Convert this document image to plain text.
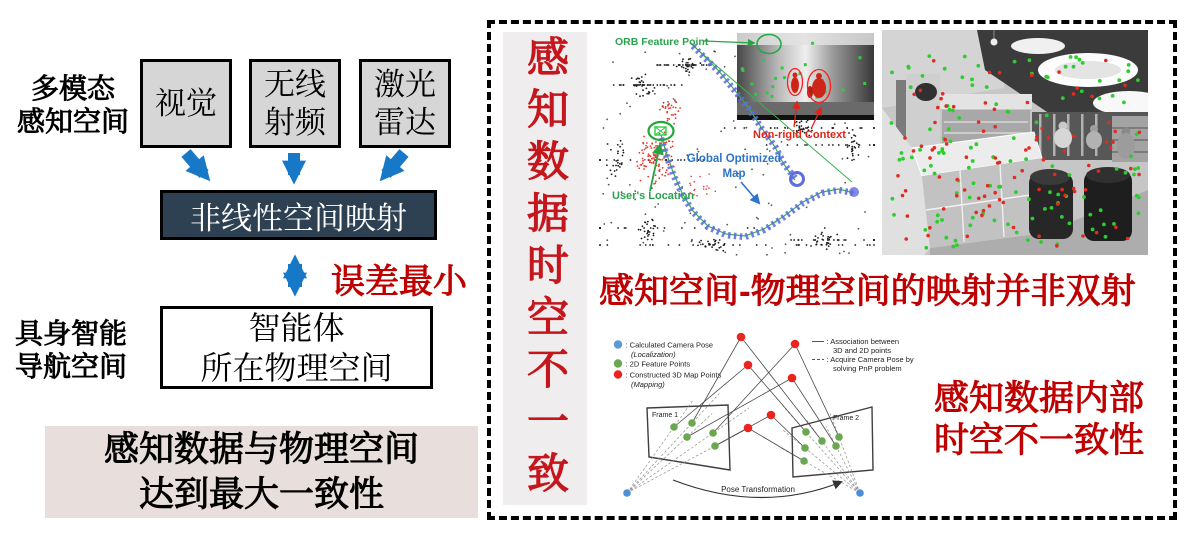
多模态
感知空间
视觉
无线
射频
激光
雷达
非线性空间映射
误差最小
具身智能
导航空间
智能体
所在物理空间
感知数据与物理空间
达到最大一致性	感知数据时空不一致	ORB Feature Point
Non-rigid Context
Global Optimized
Map
User's Location
感知空间-物理空间的映射并非双射
: Calculated Camera Pose
(Localization)
: 2D Feature Points
: Constructed 3D Map Points
(Mapping)
: Association between
3D and 2D points
: Acquire Camera Pose by
solving PnP problem
Frame 1	Frame 2
Pose Transformation
感知数据内部
时空不一致性
